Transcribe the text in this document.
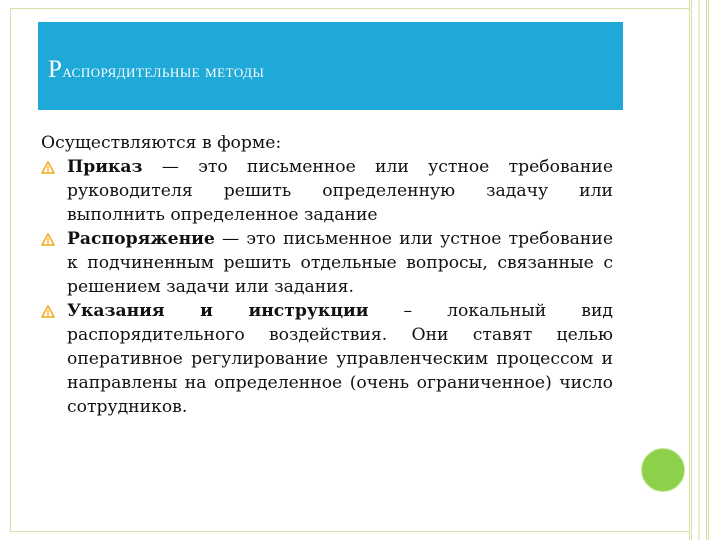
Распорядительные методы

Осуществляются в форме:

Приказ — это письменное или устное требование руководителя решить определенную задачу или выполнить определенное задание
Распоряжение — это письменное или устное требование к подчиненным решить отдельные вопросы, связанные с решением задачи или задания.
Указания и инструкции – локальный вид распорядительного воздействия. Они ставят целью оперативное регулирование управленческим процессом и направлены на определенное (очень ограниченное) число сотрудников.
